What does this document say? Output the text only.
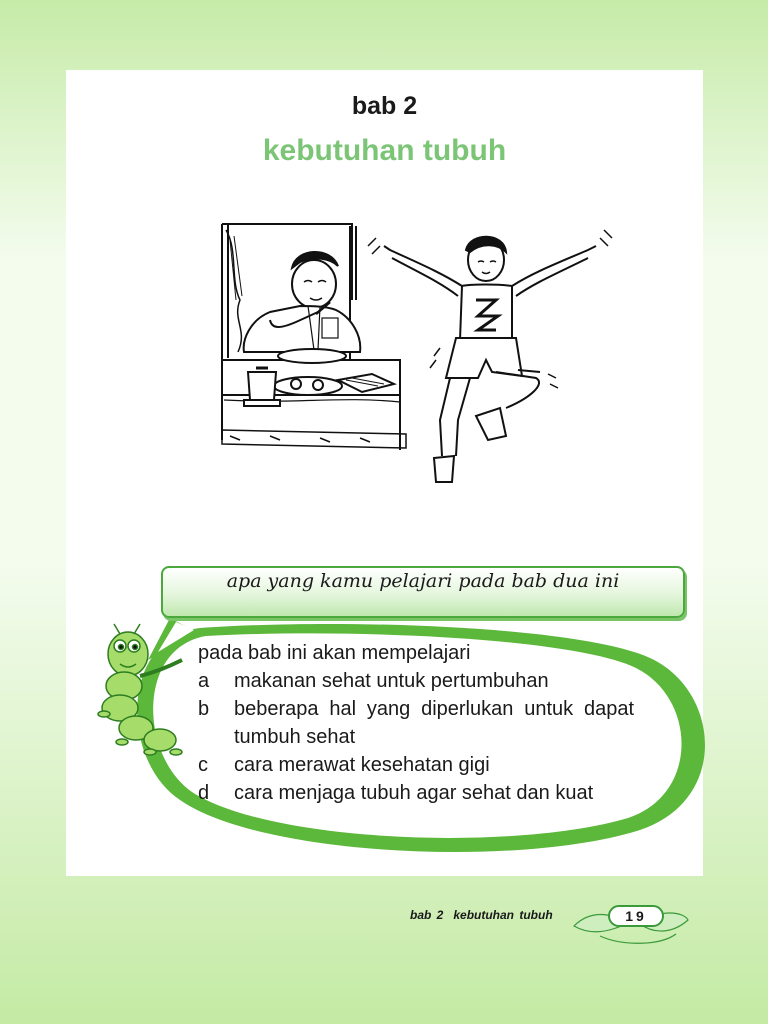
bab 2
kebutuhan tubuh
apa yang kamu pelajari pada bab dua ini

pada bab ini akan mempelajari

a	makanan sehat untuk pertumbuhan
b	beberapa hal yang diperlukan untuk dapat tumbuh sehat
c	cara merawat kesehatan gigi
d	cara menjaga tubuh agar sehat dan kuat
bab 2 kebutuhan tubuh	19
